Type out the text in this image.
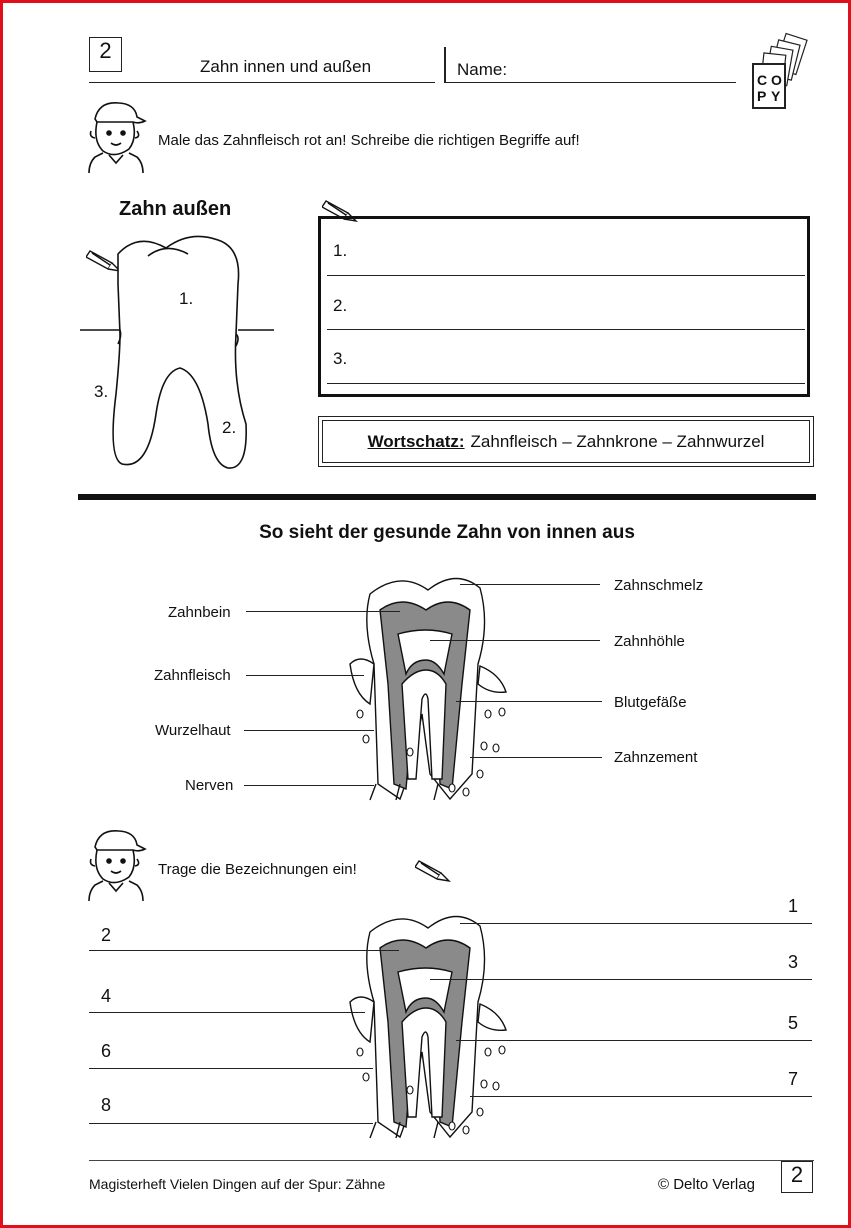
2
Zahn innen und außen	Name:
C O
P Y
Male das Zahnfleisch rot an! Schreibe die richtigen Begriffe auf!
Zahn außen
1.
2.
3.
1.
2.
3.
Wortschatz: Zahnfleisch – Zahnkrone – Zahnwurzel
So sieht der gesunde Zahn von innen aus
Zahnbein
Zahnfleisch
Wurzelhaut
Nerven
Zahnschmelz
Zahnhöhle
Blutgefäße
Zahnzement
Trage die Bezeichnungen ein!
2
4
6
8
1
3
5
7
Magisterheft Vielen Dingen auf der Spur: Zähne	© Delto Verlag	2
